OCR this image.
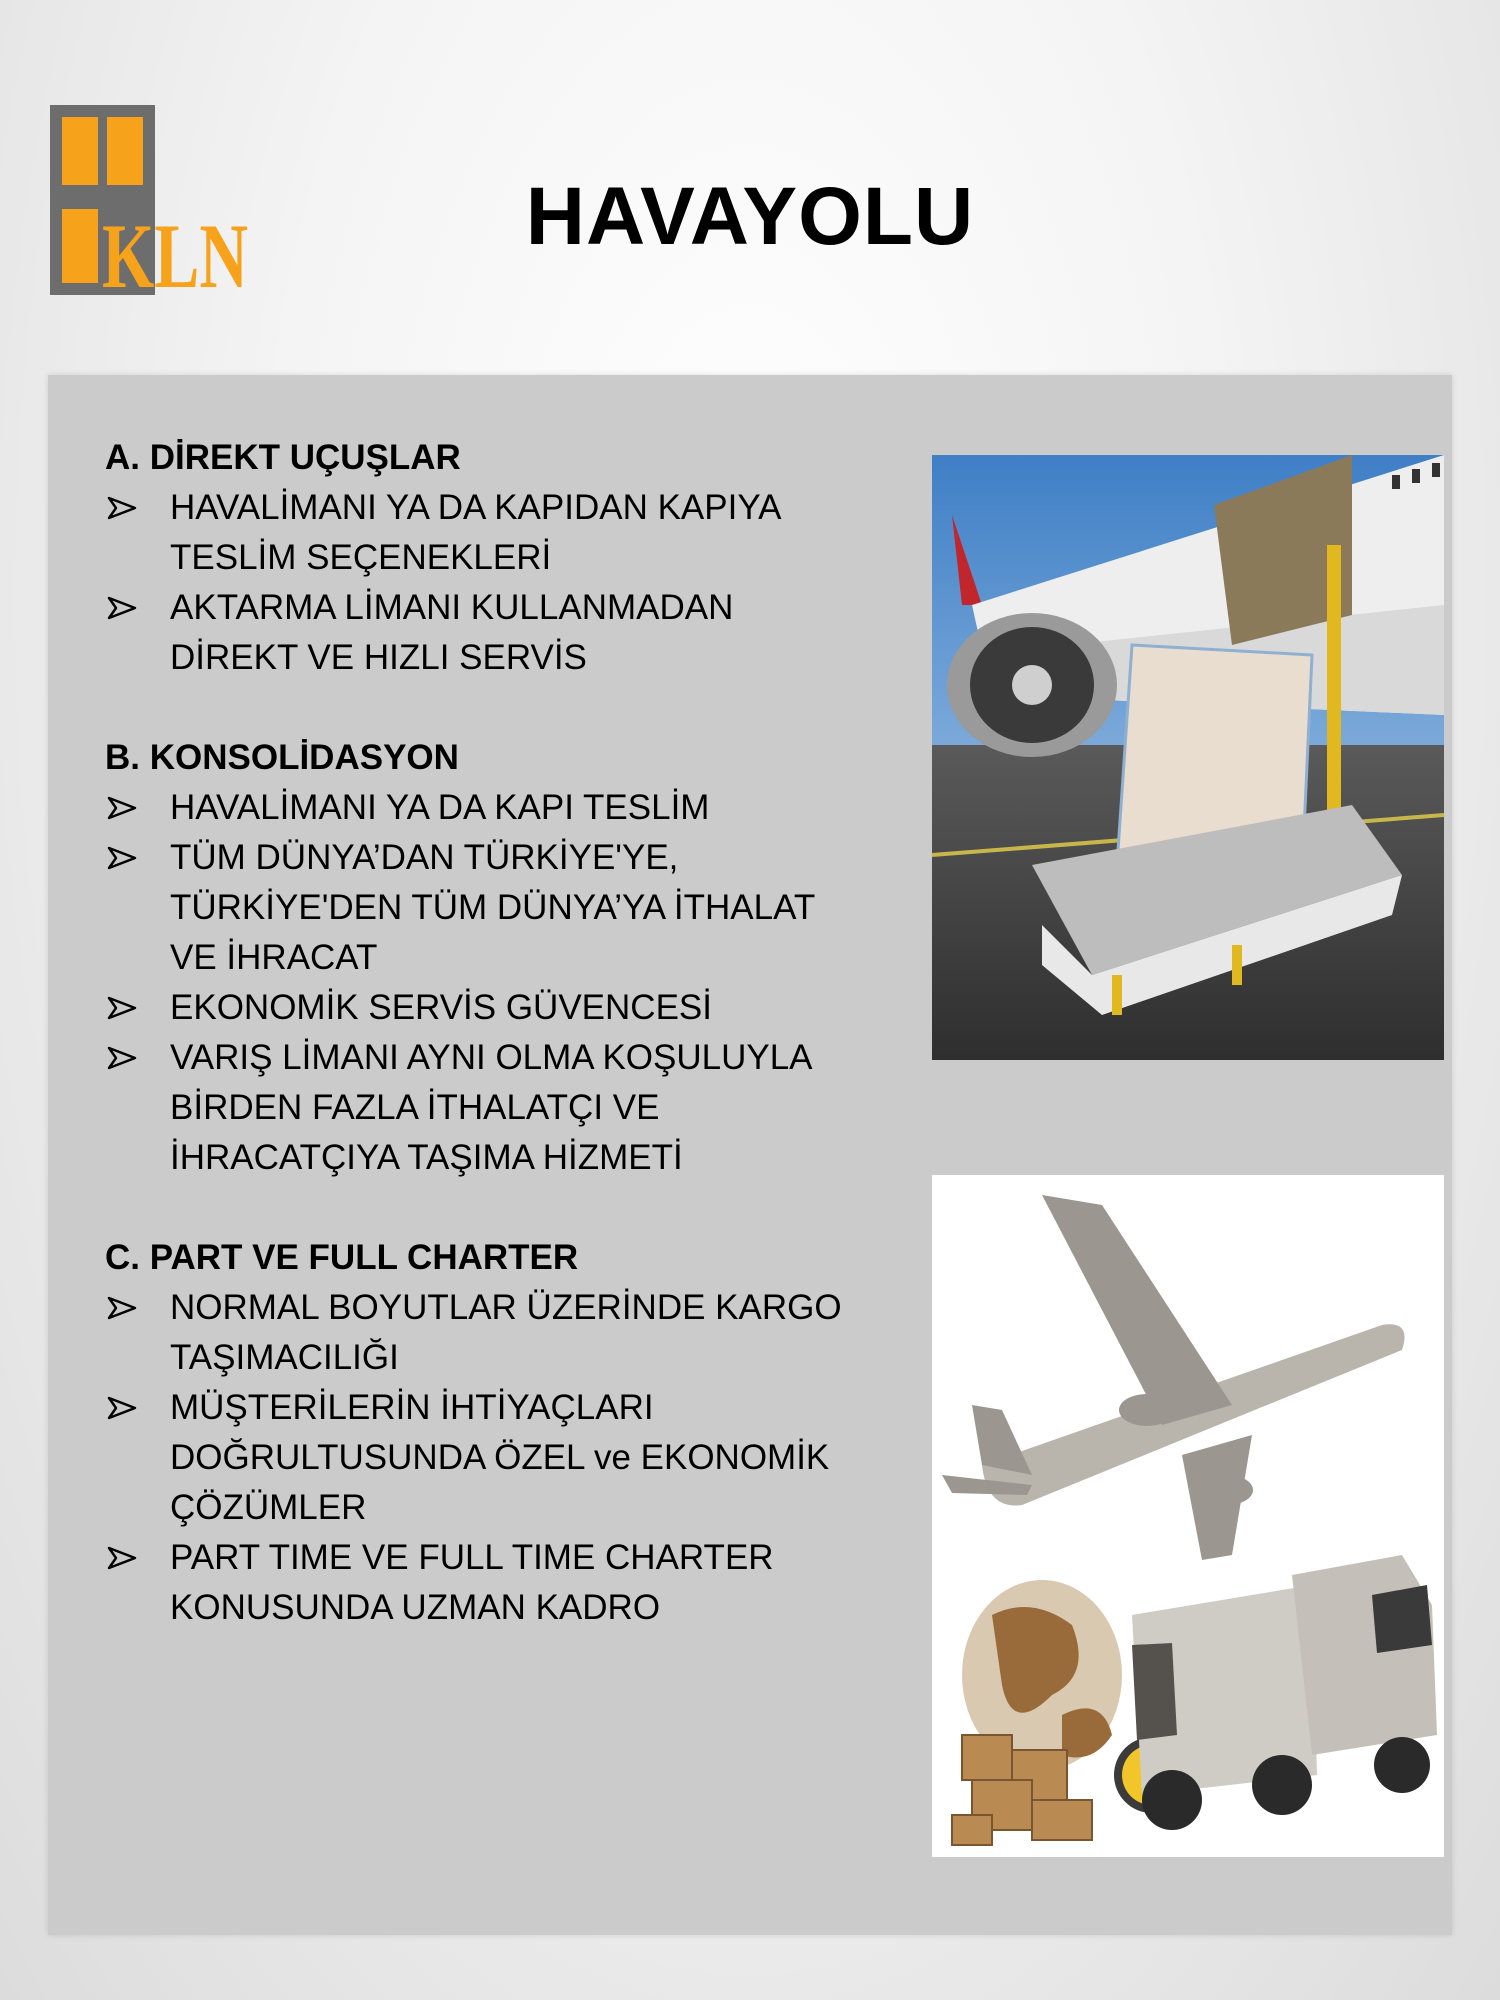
KLN	HAVAYOLU
A. DİREKT UÇUŞLAR
HAVALİMANI YA DA KAPIDAN KAPIYA
TESLİM SEÇENEKLERİ
AKTARMA LİMANI KULLANMADAN
DİREKT VE HIZLI SERVİS
B. KONSOLİDASYON
HAVALİMANI YA DA KAPI TESLİM
TÜM DÜNYA’DAN TÜRKİYE'YE,
TÜRKİYE'DEN TÜM DÜNYA’YA İTHALAT
VE İHRACAT
EKONOMİK SERVİS GÜVENCESİ
VARIŞ LİMANI AYNI OLMA KOŞULUYLA
BİRDEN FAZLA İTHALATÇI VE
İHRACATÇIYA TAŞIMA HİZMETİ
C. PART VE FULL CHARTER
NORMAL BOYUTLAR ÜZERİNDE KARGO
TAŞIMACILIĞI
MÜŞTERİLERİN İHTİYAÇLARI
DOĞRULTUSUNDA ÖZEL ve EKONOMİK
ÇÖZÜMLER
PART TIME VE FULL TIME CHARTER
KONUSUNDA UZMAN KADRO
